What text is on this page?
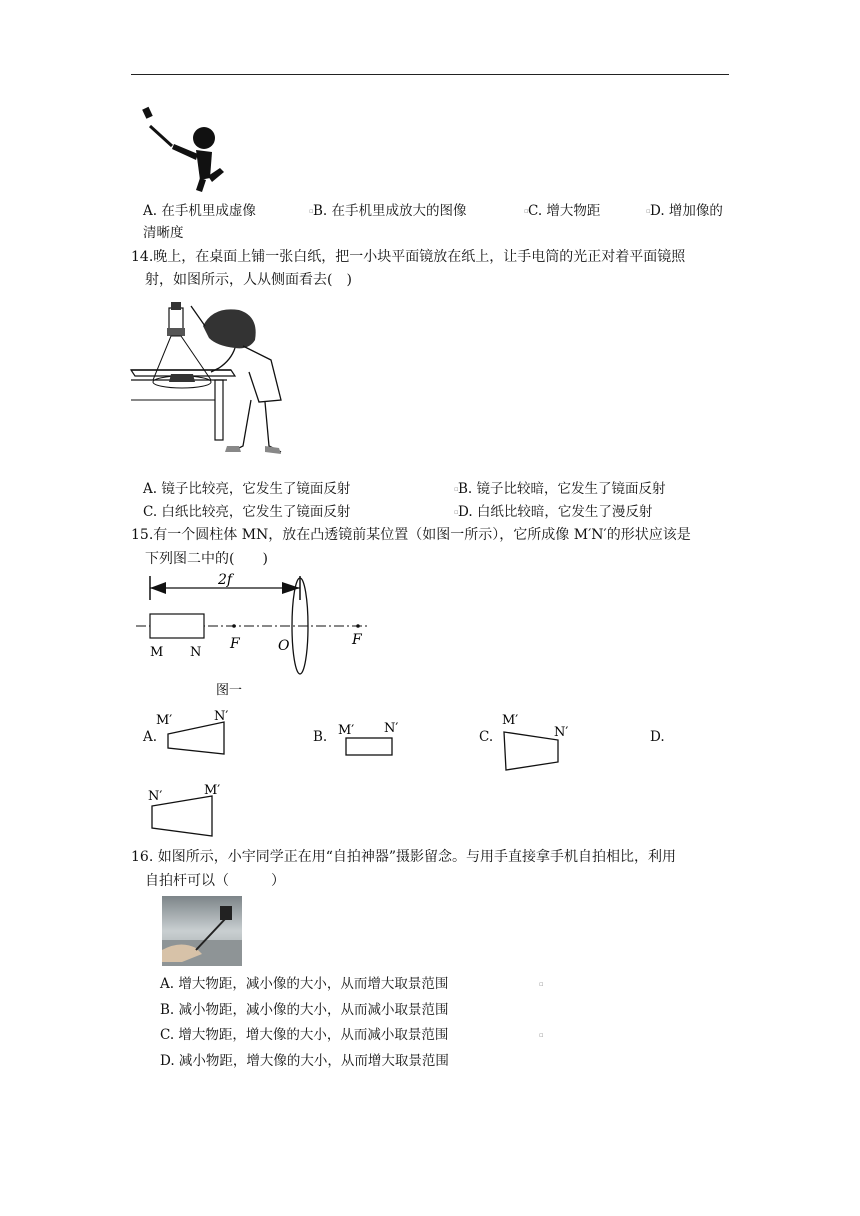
A. 在手机里成虚像	▫ B. 在手机里成放大的图像	▫ C. 增大物距	▫ D. 增加像的
清晰度
14.晚上，在桌面上铺一张白纸，把一小块平面镜放在纸上，让手电筒的光正对着平面镜照
射，如图所示，人从侧面看去(　)
A. 镜子比较亮，它发生了镜面反射	▫ B. 镜子比较暗，它发生了镜面反射
C. 白纸比较亮，它发生了镜面反射	▫ D. 白纸比较暗，它发生了漫反射
15.有一个圆柱体 MN，放在凸透镜前某位置（如图一所示），它所成像 M′N′的形状应该是
下列图二中的(　　)
2f
M N
F	O	F
图一
A.
M′	N′
B. M′ N′
C.
M′
N′	D.
N′	M′
16. 如图所示，小宇同学正在用“自拍神器”摄影留念。与用手直接拿手机自拍相比，利用
自拍杆可以（　　　）
A. 增大物距，减小像的大小，从而增大取景范围	▫
B. 减小物距，减小像的大小，从而减小取景范围
C. 增大物距，增大像的大小，从而减小取景范围	▫
D. 减小物距，增大像的大小，从而增大取景范围
